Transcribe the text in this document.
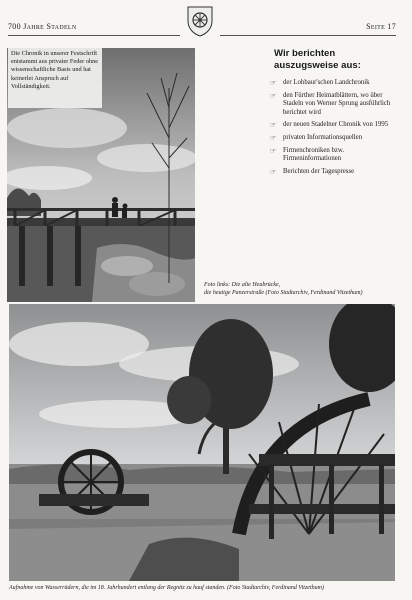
700 Jahre Stadeln	Seite 17
Die Chronik in unserer Festschrift entstammt aus privater Feder ohne wissenschaftliche Basis und hat keinerlei Anspruch auf Vollständigkeit.
Wir berichten
auszugsweise aus:
☞ der Lohbaur'schen Landchronik
☞ den Fürther Heimatblättern, wo über Stadeln von Werner Sprung ausführlich berichtet wird
☞ der neuen Stadelner Chronik von 1995
☞ privaten Informationsquellen
☞ Firmenchroniken bzw. Firmeninformationen
☞ Berichten der Tagespresse
Foto links: Die alte Heubrücke,
die heutige Panzerstraße (Foto Stadtarchiv, Ferdinand Vitzethum)
Aufnahme von Wasserrädern, die im 18. Jahrhundert entlang der Regnitz zu hauf standen. (Foto Stadtarchiv, Ferdinand Vitzethum)
